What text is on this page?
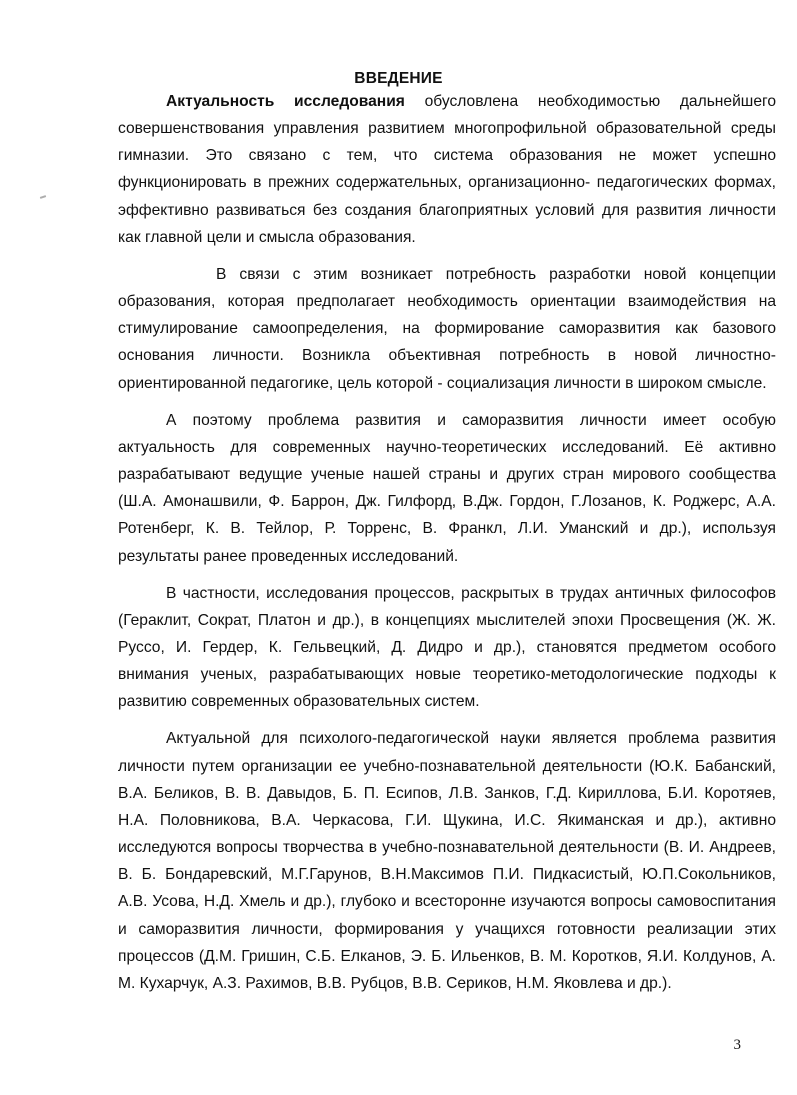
ВВЕДЕНИЕ

Актуальность исследования обусловлена необходимостью дальнейшего совершенствования управления развитием многопрофильной образовательной среды гимназии. Это связано с тем, что система образования не может успешно функционировать в прежних содержательных, организационно- педагогических формах, эффективно развиваться без создания благоприятных условий для развития личности как главной цели и смысла образования.

В связи с этим возникает потребность разработки новой концепции образования, которая предполагает необходимость ориентации взаимодействия на стимулирование самоопределения, на формирование саморазвития как базового основания личности. Возникла объективная потребность в новой личностно-ориентированной педагогике, цель которой - социализация личности в широком смысле.

А поэтому проблема развития и саморазвития личности имеет особую актуальность для современных научно-теоретических исследований. Её активно разрабатывают ведущие ученые нашей страны и других стран мирового сообщества (Ш.А. Амонашвили, Ф. Баррон, Дж. Гилфорд, В.Дж. Гордон, Г.Лозанов, К. Роджерс, А.А. Ротенберг, К. В. Тейлор, Р. Торренс, В. Франкл, Л.И. Уманский и др.), используя результаты ранее проведенных исследований.

В частности, исследования процессов, раскрытых в трудах античных философов (Гераклит, Сократ, Платон и др.), в концепциях мыслителей эпохи Просвещения (Ж. Ж. Руссо, И. Гердер, К. Гельвецкий, Д. Дидро и др.), становятся предметом особого внимания ученых, разрабатывающих новые теоретико-методологические подходы к развитию современных образовательных систем.

Актуальной для психолого-педагогической науки является проблема развития личности путем организации ее учебно-познавательной деятельности (Ю.К. Бабанский, В.А. Беликов, В. В. Давыдов, Б. П. Есипов, Л.В. Занков, Г.Д. Кириллова, Б.И. Коротяев, Н.А. Половникова, В.А. Черкасова, Г.И. Щукина, И.С. Якиманская и др.), активно исследуются вопросы творчества в учебно-познавательной деятельности (В. И. Андреев, В. Б. Бондаревский, М.Г.Гарунов, В.Н.Максимов П.И. Пидкасистый, Ю.П.Сокольников, А.В. Усова, Н.Д. Хмель и др.), глубоко и всесторонне изучаются вопросы самовоспитания и саморазвития личности, формирования у учащихся готовности реализации этих процессов (Д.М. Гришин, С.Б. Елканов, Э. Б. Ильенков, В. М. Коротков, Я.И. Колдунов, А. М. Кухарчук, А.З. Рахимов, В.В. Рубцов, В.В. Сериков, Н.М. Яковлева и др.).

3
